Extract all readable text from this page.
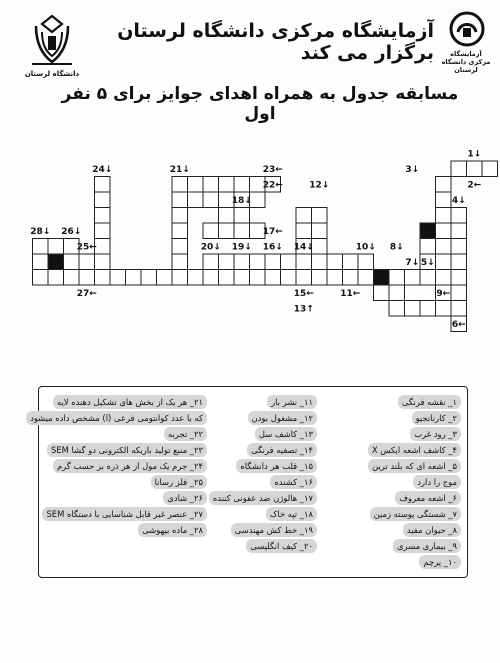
دانشگاه لرستان
آزمایشگاه مرکزی دانشگاه لرستان برگزار می کند	آزمایشگاه مرکزی دانشگاه لرستان
مسابقه جدول به همراه اهدای جوایز برای ۵ نفر اول
1↓
2←
3↓
4↓
5↓
6←
7↓
8↓
9←
10↓
11←
12↓
13↑
14↓
15←
16↓
17←
18↓
19↓
20↓
21↓
22←
23←
24↓
25←
26↓
27←
28↓
۱_ نقشه فرنگی
۲_ کارنانجیو
۳_ رود غرب
۴_ کاشف اشعه ایکس X
۵_ اشعه ای که بلند ترین
موج را دارد
۶_ اشعه معروف
۷_ شستگی پوسته زمین
۸_ حیوان مفید
۹_ بیماری مسری
۱۰_ پرچم
۱۱_ نشر بار
۱۲_ مشغول بودن
۱۳_ کاشف سل
۱۴_ تصفیه فرنگی
۱۵_ قلب هر دانشگاه
۱۶_ کشنده
۱۷_ هالوژن ضد عفونی کننده
۱۸_ تپه خاک
۱۹_ خط کش مهندسی
۲۰_ کیف انگلیسی
۲۱_ هر یک از بخش های تشکیل دهنده لایه
که با عدد کوانتومی فرعی (l) مشخص داده میشود
۲۲_ تجربه
۲۳_ منبع تولید باریکه الکترونی دو گشا SEM
۲۴_ جرم یک مول از هر ذره بر حسب گرم
۲۵_ فلز رسانا
۲۶_ شادی
۲۷_ عنصر غیر قابل شناسایی با دستگاه SEM
۲۸_ ماده بیهوشی
